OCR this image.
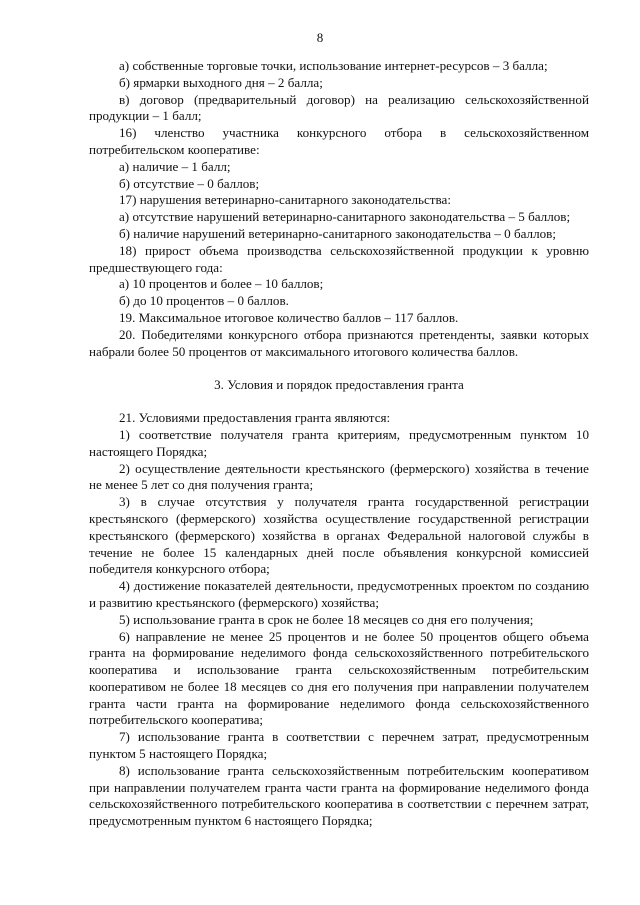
8

а) собственные торговые точки, использование интернет-ресурсов – 3 балла;

б) ярмарки выходного дня – 2 балла;

в) договор (предварительный договор) на реализацию сельскохозяйственной продукции – 1 балл;

16) членство участника конкурсного отбора в сельскохозяйственном потребительском кооперативе:

а) наличие – 1 балл;

б) отсутствие – 0 баллов;

17) нарушения ветеринарно-санитарного законодательства:

а) отсутствие нарушений ветеринарно-санитарного законодательства – 5 баллов;

б) наличие нарушений ветеринарно-санитарного законодательства – 0 баллов;

18) прирост объема производства сельскохозяйственной продукции к уровню предшествующего года:

а) 10 процентов и более – 10 баллов;

б) до 10 процентов – 0 баллов.

19. Максимальное итоговое количество баллов – 117 баллов.

20. Победителями конкурсного отбора признаются претенденты, заявки которых набрали более 50 процентов от максимального итогового количества баллов.

3. Условия и порядок предоставления гранта

21. Условиями предоставления гранта являются:

1) соответствие получателя гранта критериям, предусмотренным пунктом 10 настоящего Порядка;

2) осуществление деятельности крестьянского (фермерского) хозяйства в течение не менее 5 лет со дня получения гранта;

3) в случае отсутствия у получателя гранта государственной регистрации крестьянского (фермерского) хозяйства осуществление государственной регистрации крестьянского (фермерского) хозяйства в органах Федеральной налоговой службы в течение не более 15 календарных дней после объявления конкурсной комиссией победителя конкурсного отбора;

4) достижение показателей деятельности, предусмотренных проектом по созданию и развитию крестьянского (фермерского) хозяйства;

5) использование гранта в срок не более 18 месяцев со дня его получения;

6) направление не менее 25 процентов и не более 50 процентов общего объема гранта на формирование неделимого фонда сельскохозяйственного потребительского кооператива и использование гранта сельскохозяйственным потребительским кооперативом не более 18 месяцев со дня его получения при направлении получателем гранта части гранта на формирование неделимого фонда сельскохозяйственного потребительского кооператива;

7) использование гранта в соответствии с перечнем затрат, предусмотренным пунктом 5 настоящего Порядка;

8) использование гранта сельскохозяйственным потребительским кооперативом при направлении получателем гранта части гранта на формирование неделимого фонда сельскохозяйственного потребительского кооператива в соответствии с перечнем затрат, предусмотренным пунктом 6 настоящего Порядка;
